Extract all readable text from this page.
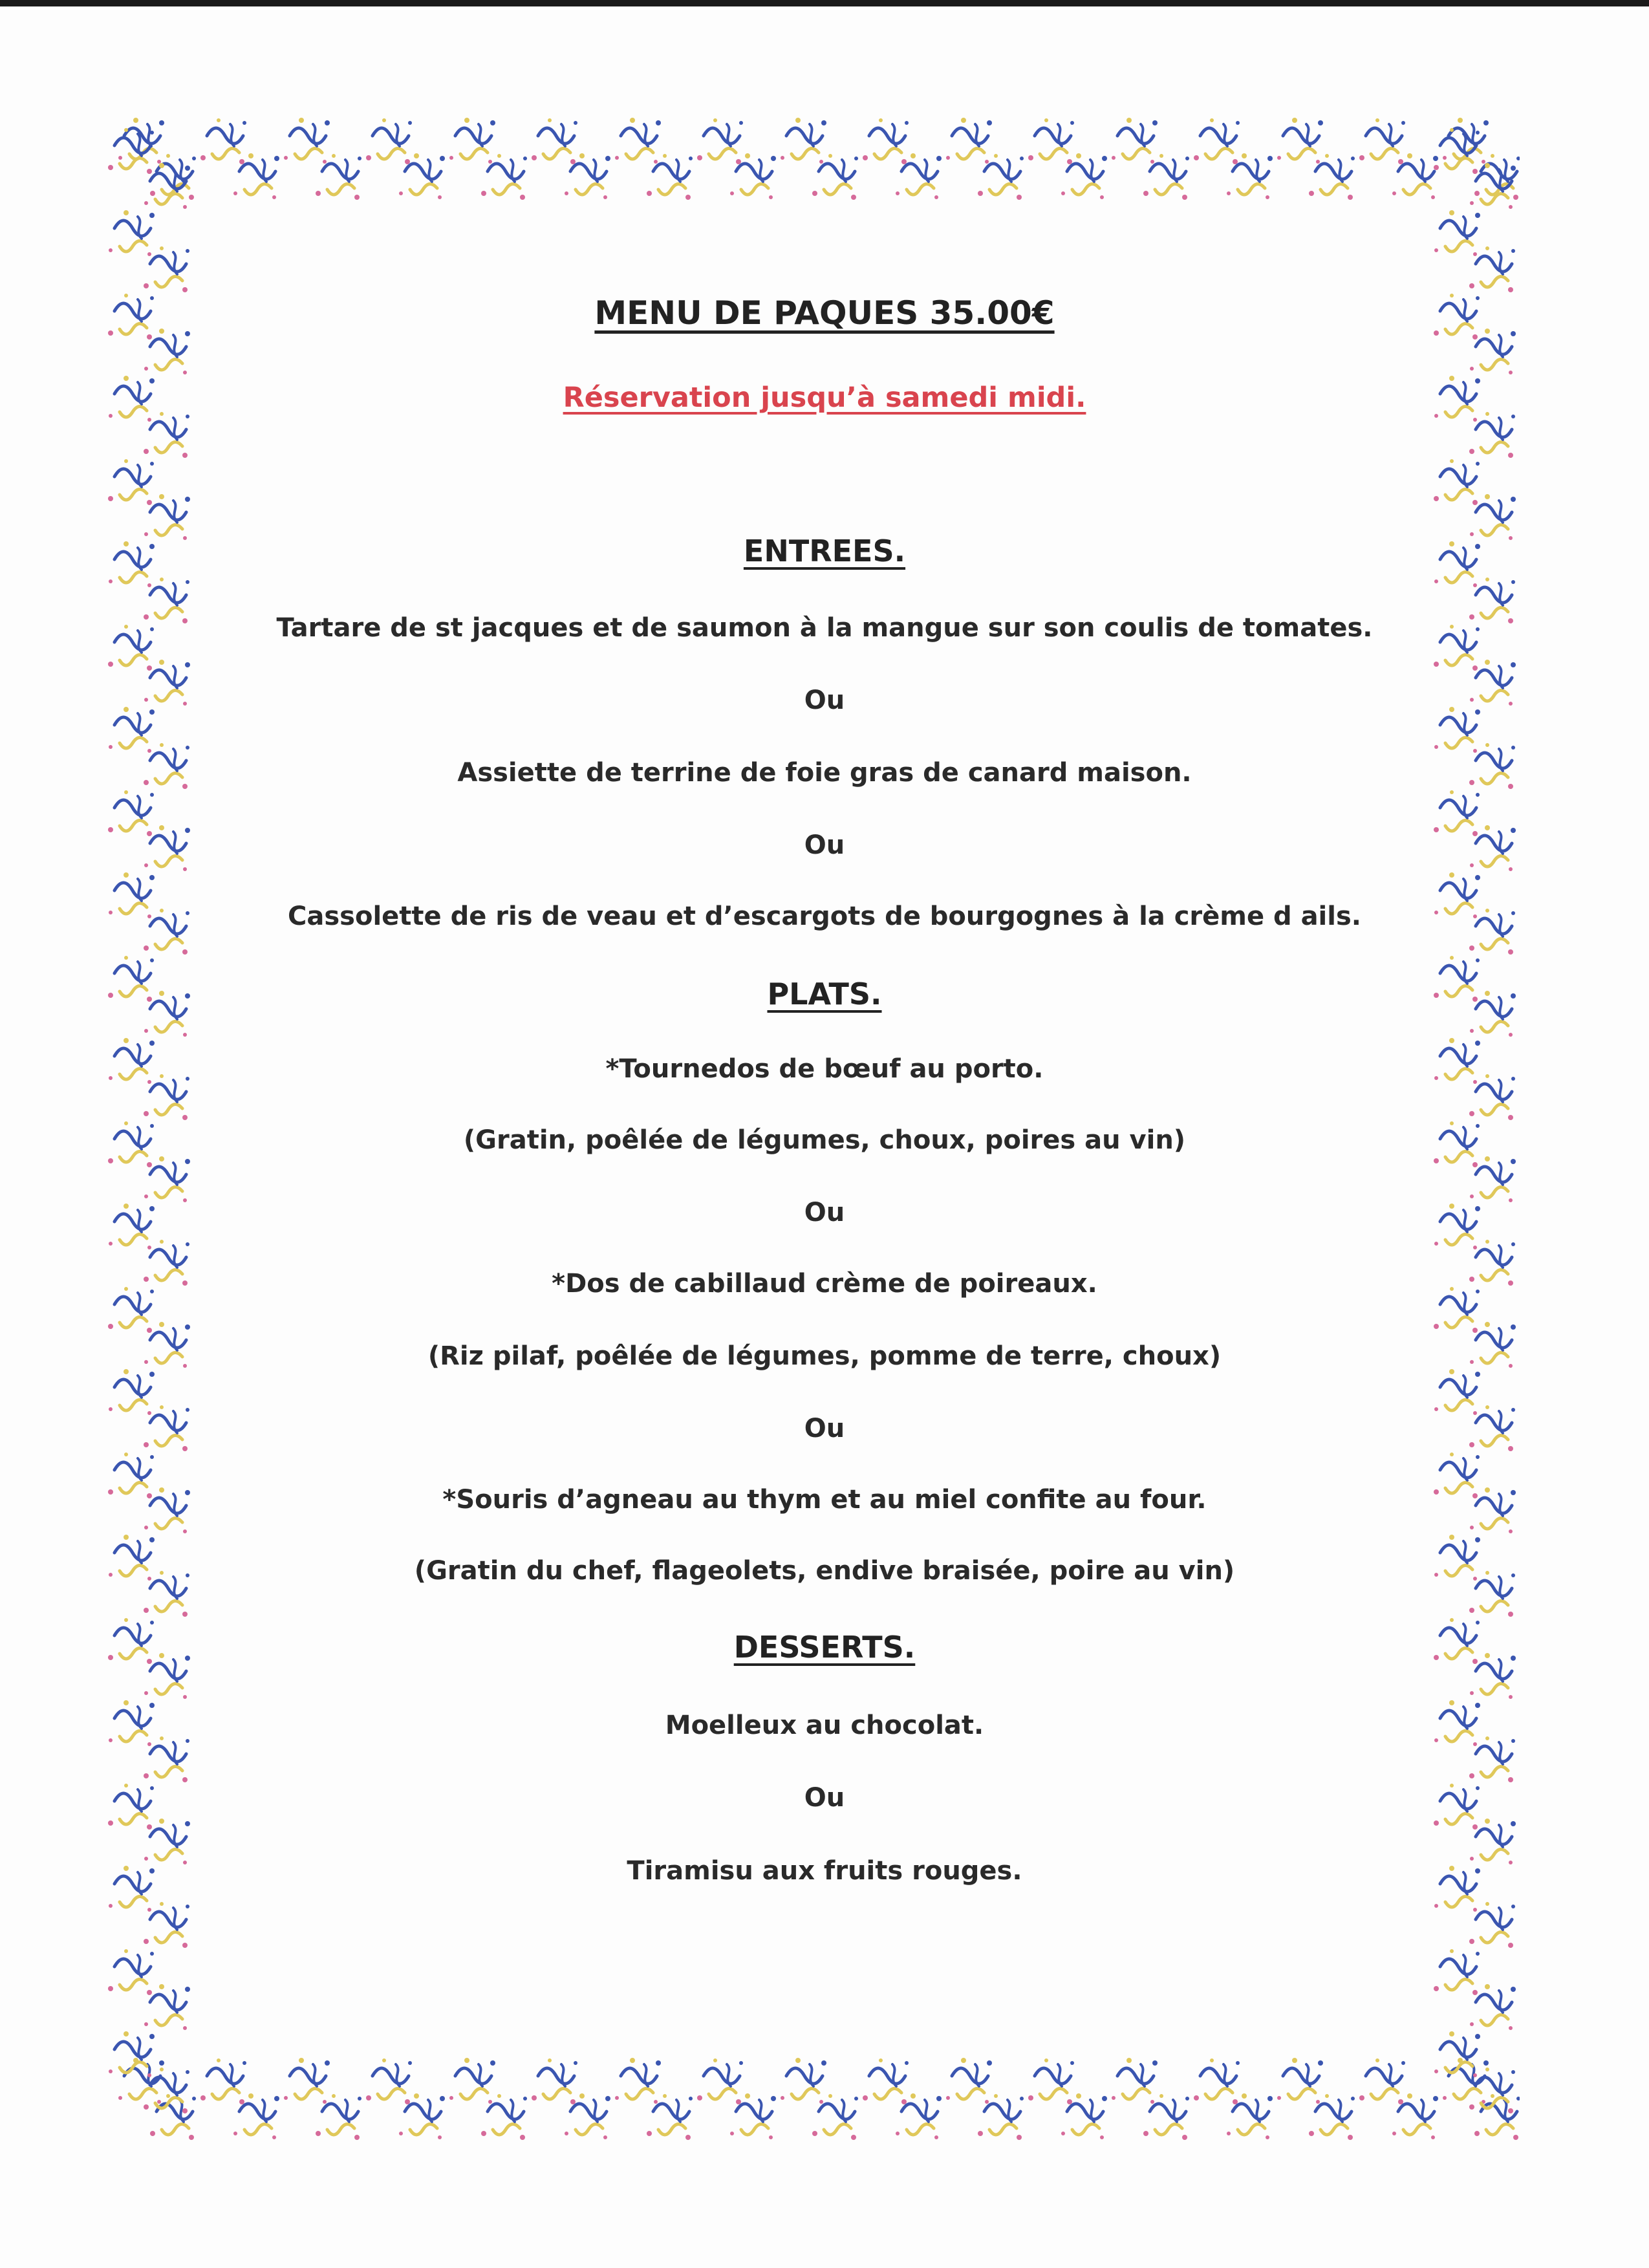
MENU DE PAQUES 35.00€
Réservation jusqu’à samedi midi.
ENTREES.
Tartare de st jacques et de saumon à la mangue sur son coulis de tomates.
Ou
Assiette de terrine de foie gras de canard maison.
Ou
Cassolette de ris de veau et d’escargots de bourgognes à la crème d ails.
PLATS.
*Tournedos de bœuf au porto.
(Gratin, poêlée de légumes, choux, poires au vin)
Ou
*Dos de cabillaud crème de poireaux.
(Riz pilaf, poêlée de légumes, pomme de terre, choux)
Ou
*Souris d’agneau au thym et au miel confite au four.
(Gratin du chef, flageolets, endive braisée, poire au vin)
DESSERTS.
Moelleux au chocolat.
Ou
Tiramisu aux fruits rouges.
